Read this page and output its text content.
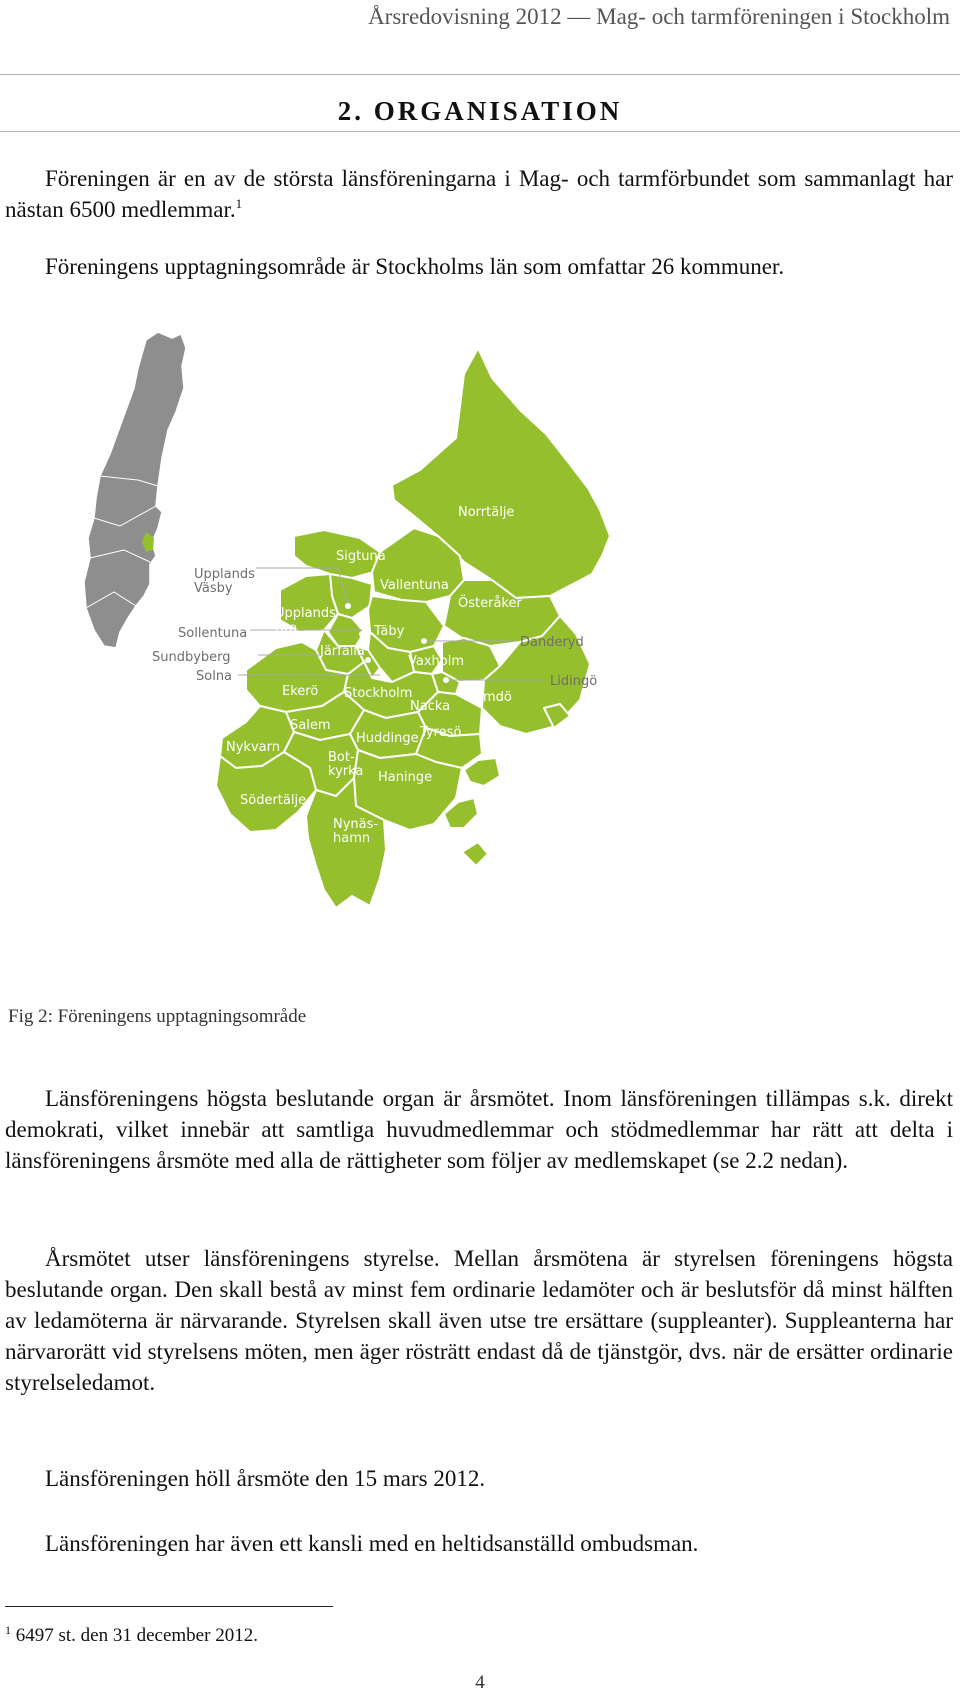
Årsredovisning 2012 — Mag- och tarmföreningen i Stockholm
2. ORGANISATION
Föreningen är en av de största länsföreningarna i Mag- och tarmförbundet som sammanlagt har nästan 6500 medlemmar.$^1$
Föreningens upptagningsområde är Stockholms län som omfattar 26 kommuner.
Norrtälje
Sigtuna
Vallentuna
Österåker
Upplands-
Bro	Täby
Järfälla
Vaxholm
Ekerö Stockholm	Värmdö
Nacka
Salem	Tyresö
Huddinge
Nykvarn
Bot-
kyrka Haninge
Södertälje
Nynäs-
hamn
Upplands
Väsby
Sollentuna
Sundbyberg
Solna
Danderyd
Lidingö
Fig 2: Föreningens upptagningsområde
Länsföreningens högsta beslutande organ är årsmötet. Inom länsföreningen tillämpas s.k. direkt demokrati, vilket innebär att samtliga huvudmedlemmar och stödmedlemmar har rätt att delta i länsföreningens årsmöte med alla de rättigheter som följer av medlemskapet (se 2.2 nedan).
Årsmötet utser länsföreningens styrelse. Mellan årsmötena är styrelsen föreningens högsta beslutande organ. Den skall bestå av minst fem ordinarie ledamöter och är beslutsför då minst hälften av ledamöterna är närvarande. Styrelsen skall även utse tre ersättare (suppleanter). Suppleanterna har närvarorätt vid styrelsens möten, men äger rösträtt endast då de tjänstgör, dvs. när de ersätter ordinarie styrelseledamot.
Länsföreningen höll årsmöte den 15 mars 2012.
Länsföreningen har även ett kansli med en heltidsanställd ombudsman.
$^1$ 6497 st. den 31 december 2012.
4
